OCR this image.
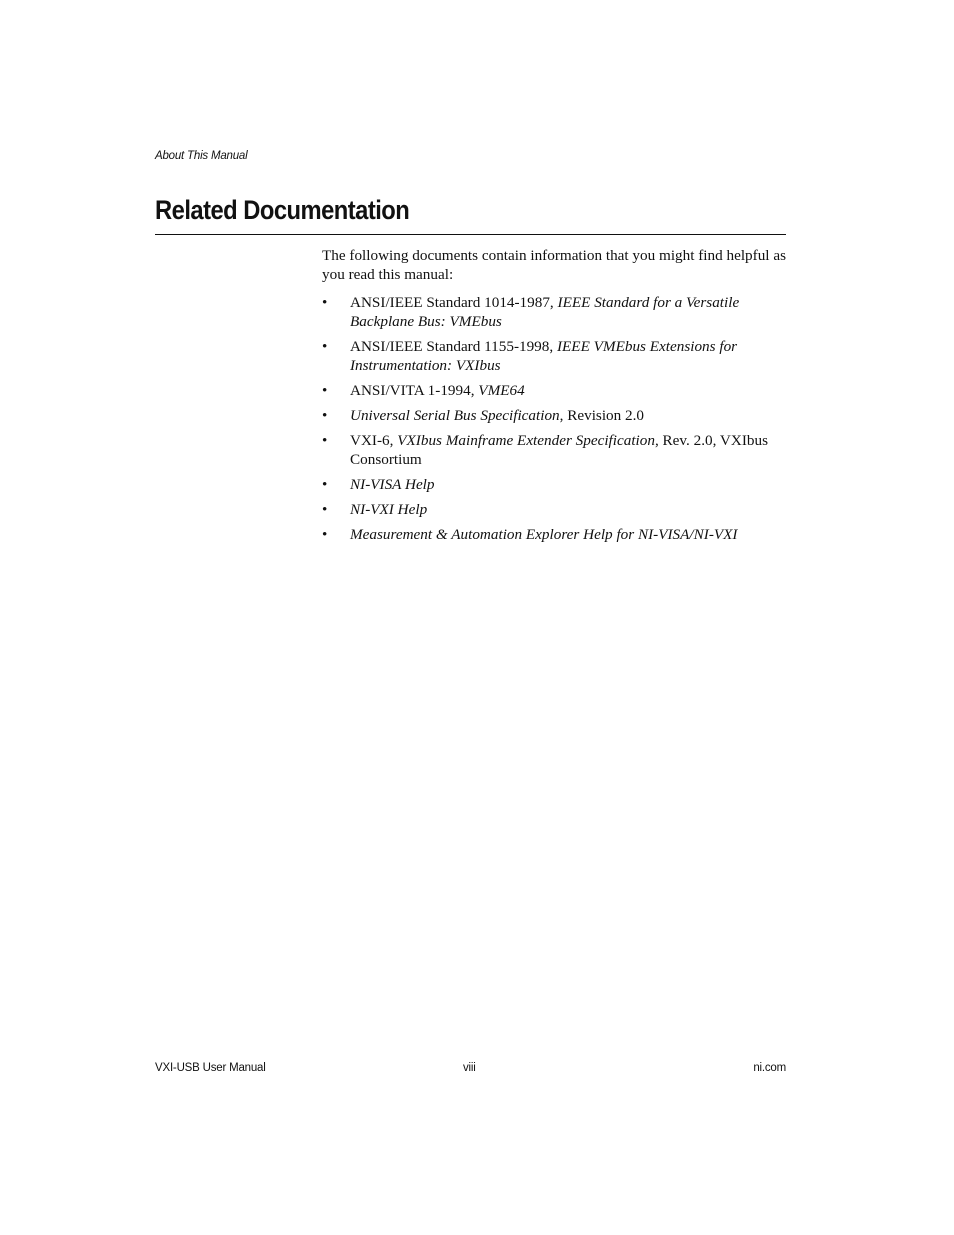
About This Manual

Related Documentation

The following documents contain information that you might find helpful as you read this manual:

• ANSI/IEEE Standard 1014-1987, IEEE Standard for a Versatile Backplane Bus: VMEbus
• ANSI/IEEE Standard 1155-1998, IEEE VMEbus Extensions for Instrumentation: VXIbus
• ANSI/VITA 1-1994, VME64
• Universal Serial Bus Specification, Revision 2.0
• VXI-6, VXIbus Mainframe Extender Specification, Rev. 2.0, VXIbus Consortium
• NI-VISA Help
• NI-VXI Help
• Measurement & Automation Explorer Help for NI-VISA/NI-VXI

VXI-USB User Manual	viii	ni.com
